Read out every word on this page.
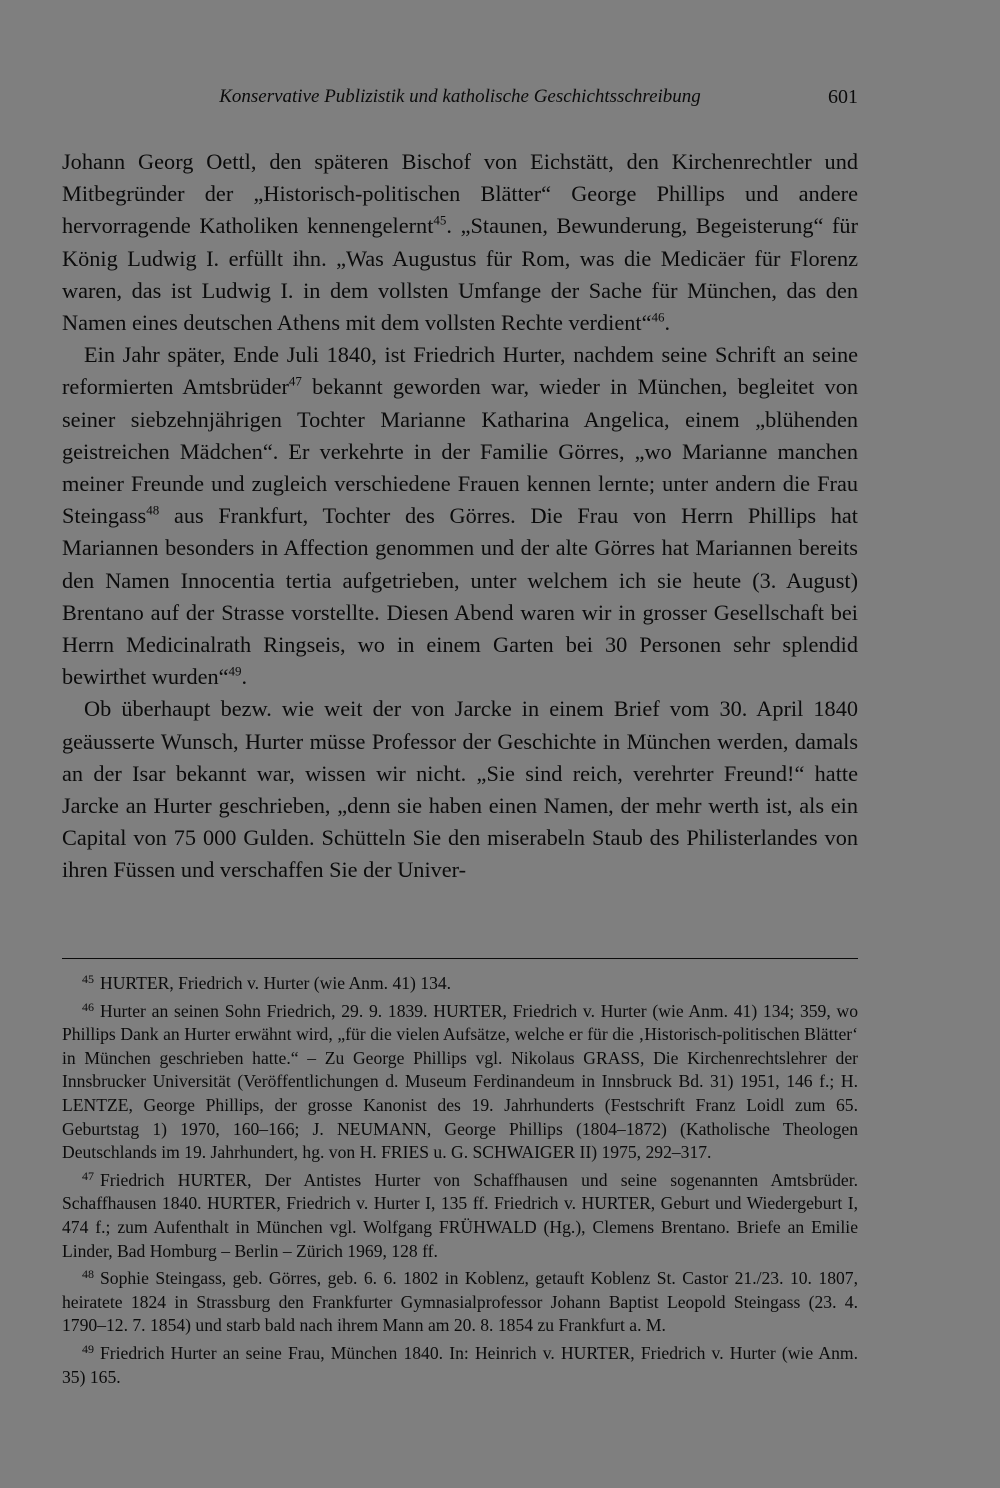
Konservative Publizistik und katholische Geschichtsschreibung	601

Johann Georg Oettl, den späteren Bischof von Eichstätt, den Kirchenrechtler und Mitbegründer der „Historisch-politischen Blätter“ George Phillips und andere hervorragende Katholiken kennengelernt$^{45}$. „Staunen, Bewunderung, Begeisterung“ für König Ludwig I. erfüllt ihn. „Was Augustus für Rom, was die Medicäer für Florenz waren, das ist Ludwig I. in dem vollsten Umfange der Sache für München, das den Namen eines deutschen Athens mit dem vollsten Rechte verdient“$^{46}$.

Ein Jahr später, Ende Juli 1840, ist Friedrich Hurter, nachdem seine Schrift an seine reformierten Amtsbrüder$^{47}$ bekannt geworden war, wieder in München, begleitet von seiner siebzehnjährigen Tochter Marianne Katharina Angelica, einem „blühenden geistreichen Mädchen“. Er verkehrte in der Familie Görres, „wo Marianne manchen meiner Freunde und zugleich verschiedene Frauen kennen lernte; unter andern die Frau Steingass$^{48}$ aus Frankfurt, Tochter des Görres. Die Frau von Herrn Phillips hat Mariannen besonders in Affection genommen und der alte Görres hat Mariannen bereits den Namen Innocentia tertia aufgetrieben, unter welchem ich sie heute (3. August) Brentano auf der Strasse vorstellte. Diesen Abend waren wir in grosser Gesellschaft bei Herrn Medicinalrath Ringseis, wo in einem Garten bei 30 Personen sehr splendid bewirthet wurden“$^{49}$.

Ob überhaupt bezw. wie weit der von Jarcke in einem Brief vom 30. April 1840 geäusserte Wunsch, Hurter müsse Professor der Geschichte in München werden, damals an der Isar bekannt war, wissen wir nicht. „Sie sind reich, verehrter Freund!“ hatte Jarcke an Hurter geschrieben, „denn sie haben einen Namen, der mehr werth ist, als ein Capital von 75 000 Gulden. Schütteln Sie den miserabeln Staub des Philisterlandes von ihren Füssen und verschaffen Sie der Univer-

$^{45}$ HURTER, Friedrich v. Hurter (wie Anm. 41) 134.

$^{46}$ Hurter an seinen Sohn Friedrich, 29. 9. 1839. HURTER, Friedrich v. Hurter (wie Anm. 41) 134; 359, wo Phillips Dank an Hurter erwähnt wird, „für die vielen Aufsätze, welche er für die ‚Historisch-politischen Blätter‘ in München geschrieben hatte.“ – Zu George Phillips vgl. Nikolaus GRASS, Die Kirchenrechtslehrer der Innsbrucker Universität (Veröffentlichungen d. Museum Ferdinandeum in Innsbruck Bd. 31) 1951, 146 f.; H. LENTZE, George Phillips, der grosse Kanonist des 19. Jahrhunderts (Festschrift Franz Loidl zum 65. Geburtstag 1) 1970, 160–166; J. NEUMANN, George Phillips (1804–1872) (Katholische Theologen Deutschlands im 19. Jahrhundert, hg. von H. FRIES u. G. SCHWAIGER II) 1975, 292–317.

$^{47}$ Friedrich HURTER, Der Antistes Hurter von Schaffhausen und seine sogenannten Amtsbrüder. Schaffhausen 1840. HURTER, Friedrich v. Hurter I, 135 ff. Friedrich v. HURTER, Geburt und Wiedergeburt I, 474 f.; zum Aufenthalt in München vgl. Wolfgang FRÜHWALD (Hg.), Clemens Brentano. Briefe an Emilie Linder, Bad Homburg – Berlin – Zürich 1969, 128 ff.

$^{48}$ Sophie Steingass, geb. Görres, geb. 6. 6. 1802 in Koblenz, getauft Koblenz St. Castor 21./23. 10. 1807, heiratete 1824 in Strassburg den Frankfurter Gymnasialprofessor Johann Baptist Leopold Steingass (23. 4. 1790–12. 7. 1854) und starb bald nach ihrem Mann am 20. 8. 1854 zu Frankfurt a. M.

$^{49}$ Friedrich Hurter an seine Frau, München 1840. In: Heinrich v. HURTER, Friedrich v. Hurter (wie Anm. 35) 165.
